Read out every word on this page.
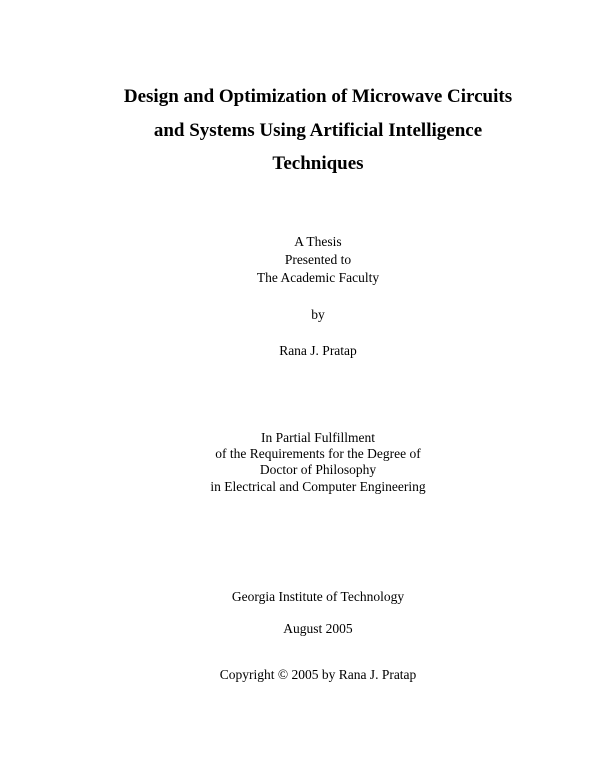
Design and Optimization of Microwave Circuits
and Systems Using Artificial Intelligence
Techniques
A Thesis
Presented to
The Academic Faculty
by
Rana J. Pratap
In Partial Fulfillment
of the Requirements for the Degree of
Doctor of Philosophy
in Electrical and Computer Engineering
Georgia Institute of Technology
August 2005
Copyright © 2005 by Rana J. Pratap
